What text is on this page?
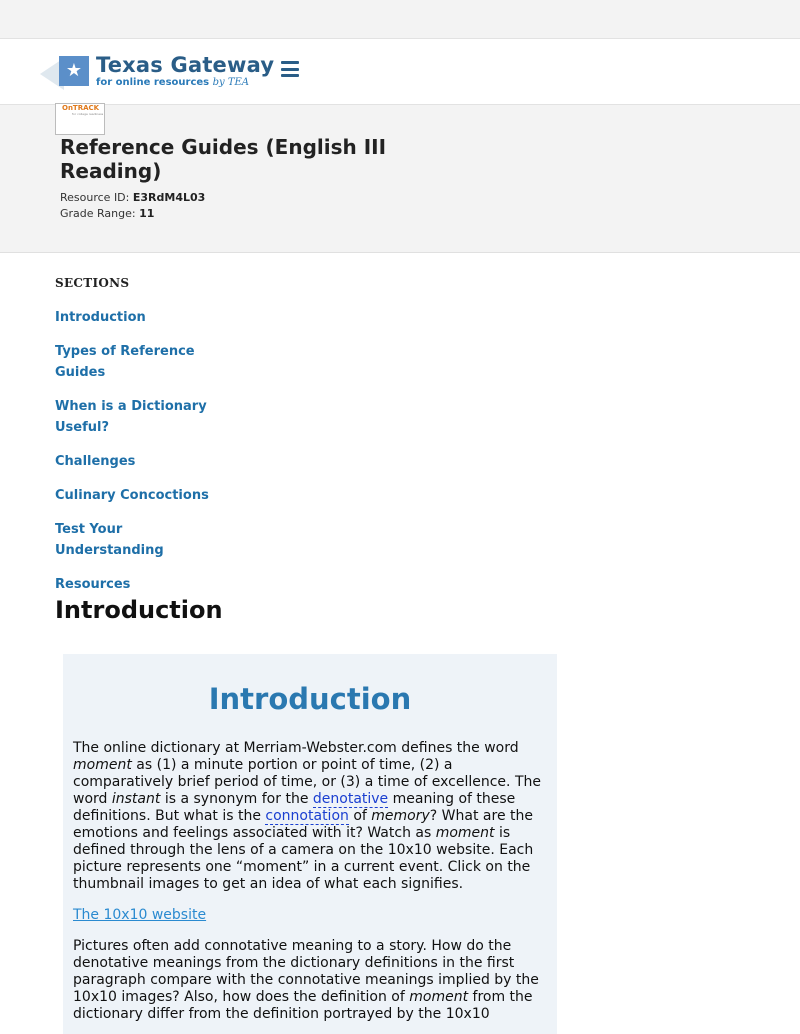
★ Texas Gateway
for online resources by TEA
OnTRACK
for college readiness
Reference Guides (English III Reading)
Resource ID: E3RdM4L03
Grade Range: 11
SECTIONS
Introduction
Types of Reference Guides
When is a Dictionary Useful?
Challenges
Culinary Concoctions
Test Your Understanding
Resources
Introduction
Introduction

The online dictionary at Merriam-Webster.com defines the word moment as (1) a minute portion or point of time, (2) a comparatively brief period of time, or (3) a time of excellence. The word instant is a synonym for the denotative meaning of these definitions. But what is the connotation of memory? What are the emotions and feelings associated with it? Watch as moment is defined through the lens of a camera on the 10x10 website. Each picture represents one “moment” in a current event. Click on the thumbnail images to get an idea of what each signifies.

The 10x10 website

Pictures often add connotative meaning to a story. How do the denotative meanings from the dictionary definitions in the first paragraph compare with the connotative meanings implied by the 10x10 images? Also, how does the definition of moment from the dictionary differ from the definition portrayed by the 10x10
